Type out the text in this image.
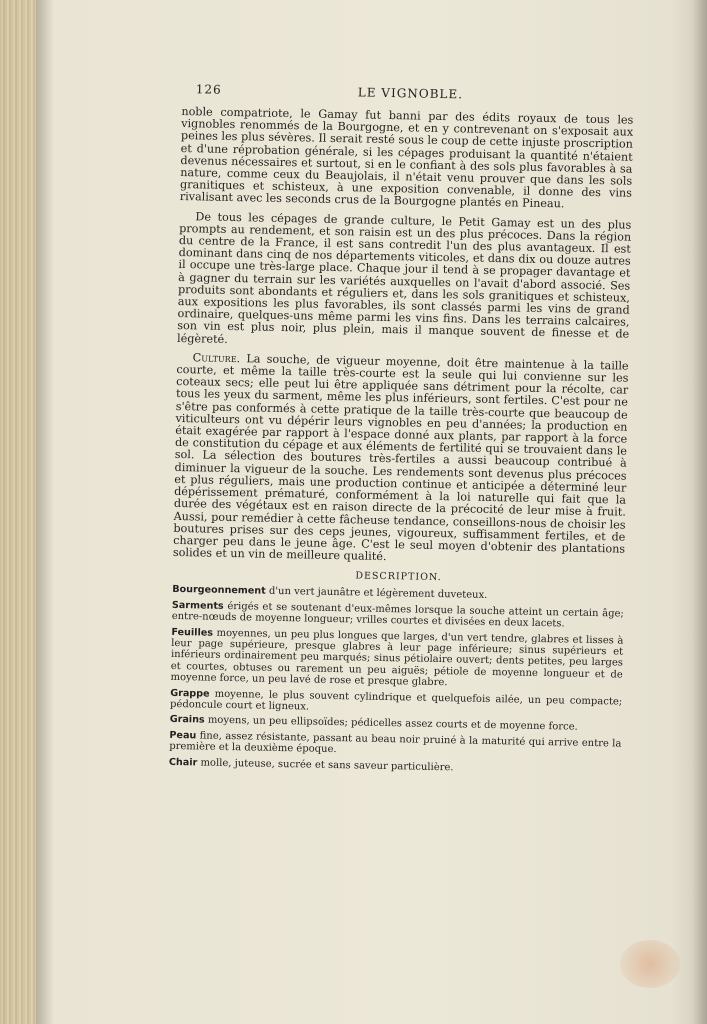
126	LE VIGNOBLE.

noble compatriote, le Gamay fut banni par des édits royaux de tous les vignobles renommés de la Bourgogne, et en y contrevenant on s'exposait aux peines les plus sévères. Il serait resté sous le coup de cette injuste proscription et d'une réprobation générale, si les cépages produisant la quantité n'étaient devenus nécessaires et surtout, si en le confiant à des sols plus favorables à sa nature, comme ceux du Beaujolais, il n'était venu prouver que dans les sols granitiques et schisteux, à une exposition convenable, il donne des vins rivalisant avec les seconds crus de la Bourgogne plantés en Pineau.

De tous les cépages de grande culture, le Petit Gamay est un des plus prompts au rendement, et son raisin est un des plus précoces. Dans la région du centre de la France, il est sans contredit l'un des plus avantageux. Il est dominant dans cinq de nos départements viticoles, et dans dix ou douze autres il occupe une très-large place. Chaque jour il tend à se propager davantage et à gagner du terrain sur les variétés auxquelles on l'avait d'abord associé. Ses produits sont abondants et réguliers et, dans les sols granitiques et schisteux, aux expositions les plus favorables, ils sont classés parmi les vins de grand ordinaire, quelques-uns même parmi les vins fins. Dans les terrains calcaires, son vin est plus noir, plus plein, mais il manque souvent de finesse et de légèreté.

Culture. La souche, de vigueur moyenne, doit être maintenue à la taille courte, et même la taille très-courte est la seule qui lui convienne sur les coteaux secs; elle peut lui être appliquée sans détriment pour la récolte, car tous les yeux du sarment, même les plus inférieurs, sont fertiles. C'est pour ne s'être pas conformés à cette pratique de la taille très-courte que beaucoup de viticulteurs ont vu dépérir leurs vignobles en peu d'années; la production en était exagérée par rapport à l'espace donné aux plants, par rapport à la force de constitution du cépage et aux éléments de fertilité qui se trouvaient dans le sol. La sélection des boutures très-fertiles a aussi beaucoup contribué à diminuer la vigueur de la souche. Les rendements sont devenus plus précoces et plus réguliers, mais une production continue et anticipée a déterminé leur dépérissement prématuré, conformément à la loi naturelle qui fait que la durée des végétaux est en raison directe de la précocité de leur mise à fruit. Aussi, pour remédier à cette fâcheuse tendance, conseillons-nous de choisir les boutures prises sur des ceps jeunes, vigoureux, suffisamment fertiles, et de charger peu dans le jeune âge. C'est le seul moyen d'obtenir des plantations solides et un vin de meilleure qualité.

DESCRIPTION.

Bourgeonnement d'un vert jaunâtre et légèrement duveteux.

Sarments érigés et se soutenant d'eux-mêmes lorsque la souche atteint un certain âge; entre-nœuds de moyenne longueur; vrilles courtes et divisées en deux lacets.

Feuilles moyennes, un peu plus longues que larges, d'un vert tendre, glabres et lisses à leur page supérieure, presque glabres à leur page inférieure; sinus supérieurs et inférieurs ordinairement peu marqués; sinus pétiolaire ouvert; dents petites, peu larges et courtes, obtuses ou rarement un peu aiguës; pétiole de moyenne longueur et de moyenne force, un peu lavé de rose et presque glabre.

Grappe moyenne, le plus souvent cylindrique et quelquefois ailée, un peu compacte; pédoncule court et ligneux.

Grains moyens, un peu ellipsoïdes; pédicelles assez courts et de moyenne force.

Peau fine, assez résistante, passant au beau noir pruiné à la maturité qui arrive entre la première et la deuxième époque.

Chair molle, juteuse, sucrée et sans saveur particulière.
